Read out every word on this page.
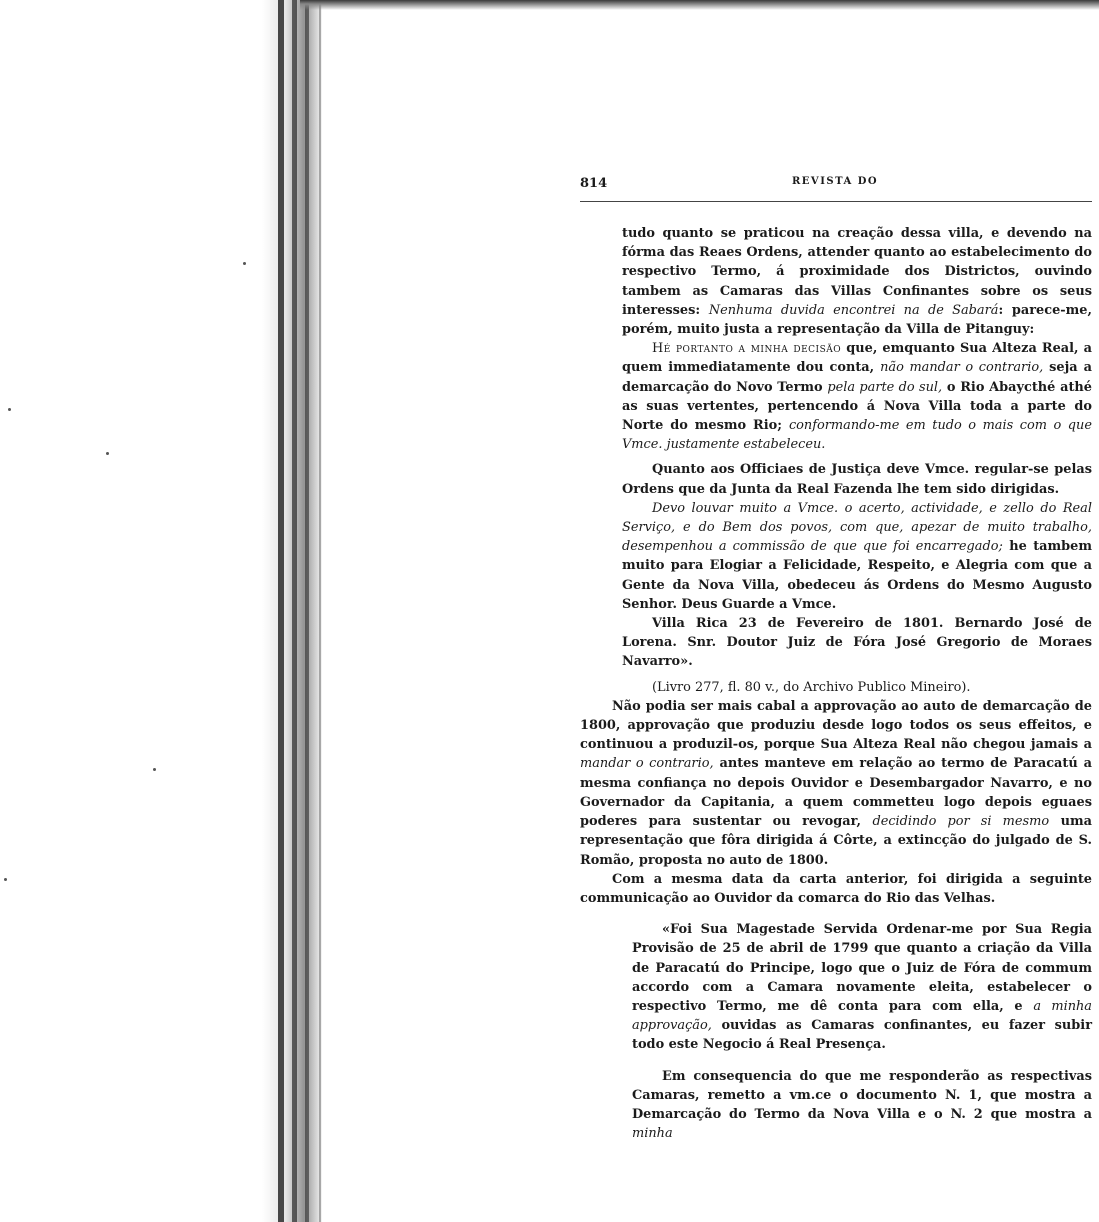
814	REVISTA DO

tudo quanto se praticou na creação dessa villa, e devendo na fórma das Reaes Ordens, attender quanto ao estabelecimento do respectivo Termo, á proximidade dos Districtos, ouvindo tambem as Camaras das Villas Confinantes sobre os seus interesses: Nenhuma duvida encontrei na de Sabará: parece-me, porém, muito justa a representação da Villa de Pitanguy:

Hé portanto a minha decisão que, emquanto Sua Alteza Real, a quem immediatamente dou conta, não mandar o contrario, seja a demarcação do Novo Termo pela parte do sul, o Rio Abaycthé athé as suas vertentes, pertencendo á Nova Villa toda a parte do Norte do mesmo Rio; conformando-me em tudo o mais com o que Vmce. justamente estabeleceu.

Quanto aos Officiaes de Justiça deve Vmce. regular-se pelas Ordens que da Junta da Real Fazenda lhe tem sido dirigidas.

Devo louvar muito a Vmce. o acerto, actividade, e zello do Real Serviço, e do Bem dos povos, com que, apezar de muito trabalho, desempenhou a commissão de que que foi encarregado; he tambem muito para Elogiar a Felicidade, Respeito, e Alegria com que a Gente da Nova Villa, obedeceu ás Ordens do Mesmo Augusto Senhor. Deus Guarde a Vmce.

Villa Rica 23 de Fevereiro de 1801. Bernardo José de Lorena. Snr. Doutor Juiz de Fóra José Gregorio de Moraes Navarro».

(Livro 277, fl. 80 v., do Archivo Publico Mineiro).

Não podia ser mais cabal a approvação ao auto de demarcação de 1800, approvação que produziu desde logo todos os seus effeitos, e continuou a produzil-os, porque Sua Alteza Real não chegou jamais a mandar o contrario, antes manteve em relação ao termo de Paracatú a mesma confiança no depois Ouvidor e Desembargador Navarro, e no Governador da Capitania, a quem commetteu logo depois eguaes poderes para sustentar ou revogar, decidindo por si mesmo uma representação que fôra dirigida á Côrte, a extincção do julgado de S. Romão, proposta no auto de 1800.

Com a mesma data da carta anterior, foi dirigida a seguinte communicação ao Ouvidor da comarca do Rio das Velhas.

«Foi Sua Magestade Servida Ordenar-me por Sua Regia Provisão de 25 de abril de 1799 que quanto a criação da Villa de Paracatú do Principe, logo que o Juiz de Fóra de commum accordo com a Camara novamente eleita, estabelecer o respectivo Termo, me dê conta para com ella, e a minha approvação, ouvidas as Camaras confinantes, eu fazer subir todo este Negocio á Real Presença.

Em consequencia do que me responderão as respectivas Camaras, remetto a vm.ce o documento N. 1, que mostra a Demarcação do Termo da Nova Villa e o N. 2 que mostra a minha
